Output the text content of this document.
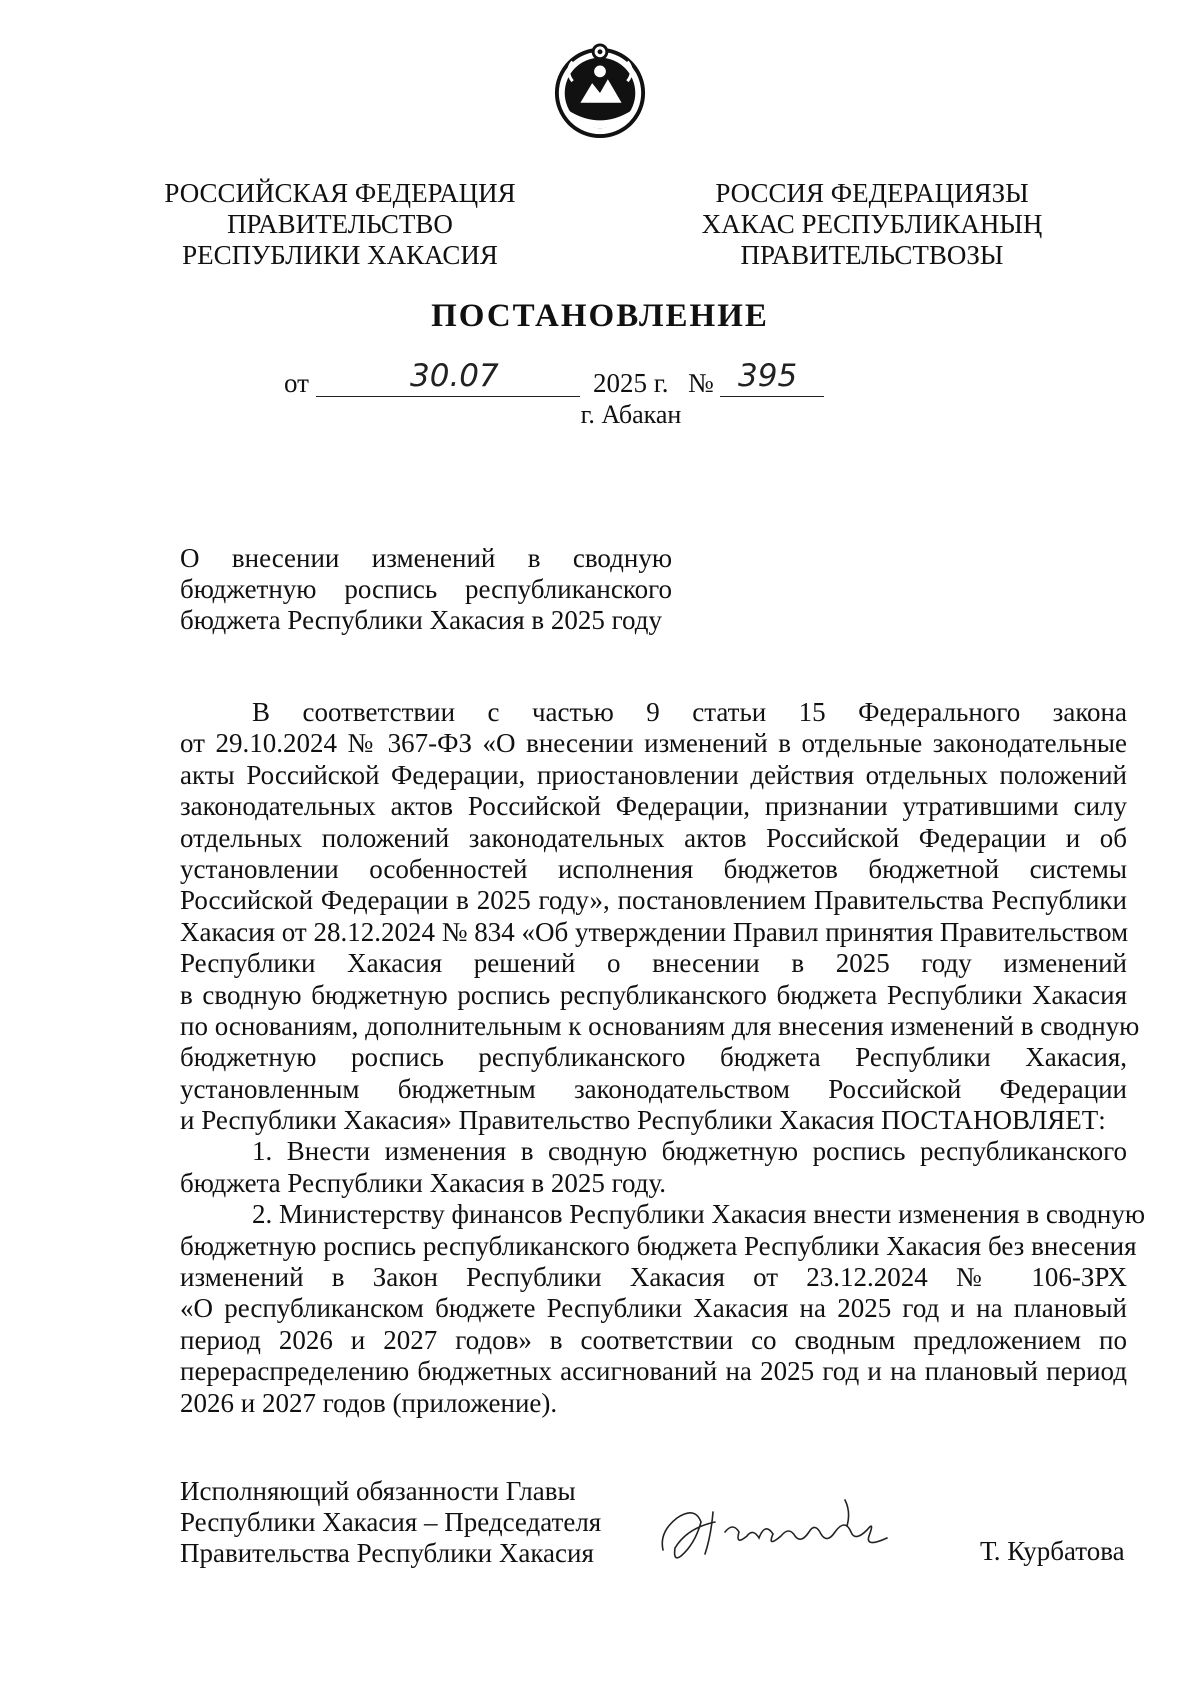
РОССИЙСКАЯ ФЕДЕРАЦИЯ
ПРАВИТЕЛЬСТВО
РЕСПУБЛИКИ ХАКАСИЯ
РОССИЯ ФЕДЕРАЦИЯЗЫ
ХАКАС РЕСПУБЛИКАНЫҢ
ПРАВИТЕЛЬСТВОЗЫ
ПОСТАНОВЛЕНИЕ
от	30.07	2025 г. № 395
г. Абакан
О внесении изменений в сводную
бюджетную роспись республиканского
бюджета Республики Хакасия в 2025 году
В соответствии с частью 9 статьи 15 Федерального закона
от 29.10.2024 № 367-ФЗ «О внесении изменений в отдельные законодательные
акты Российской Федерации, приостановлении действия отдельных положений
законодательных актов Российской Федерации, признании утратившими силу
отдельных положений законодательных актов Российской Федерации и об
установлении особенностей исполнения бюджетов бюджетной системы
Российской Федерации в 2025 году», постановлением Правительства Республики
Хакасия от 28.12.2024 № 834 «Об утверждении Правил принятия Правительством
Республики Хакасия решений о внесении в 2025 году изменений
в сводную бюджетную роспись республиканского бюджета Республики Хакасия
по основаниям, дополнительным к основаниям для внесения изменений в сводную
бюджетную роспись республиканского бюджета Республики Хакасия,
установленным бюджетным законодательством Российской Федерации
и Республики Хакасия» Правительство Республики Хакасия ПОСТАНОВЛЯЕТ:
1. Внести изменения в сводную бюджетную роспись республиканского
бюджета Республики Хакасия в 2025 году.
2. Министерству финансов Республики Хакасия внести изменения в сводную
бюджетную роспись республиканского бюджета Республики Хакасия без внесения
изменений в Закон Республики Хакасия от 23.12.2024 № 106-ЗРХ
«О республиканском бюджете Республики Хакасия на 2025 год и на плановый
период 2026 и 2027 годов» в соответствии со сводным предложением по
перераспределению бюджетных ассигнований на 2025 год и на плановый период
2026 и 2027 годов (приложение).
Исполняющий обязанности Главы
Республики Хакасия – Председателя
Правительства Республики Хакасия	Т. Курбатова
